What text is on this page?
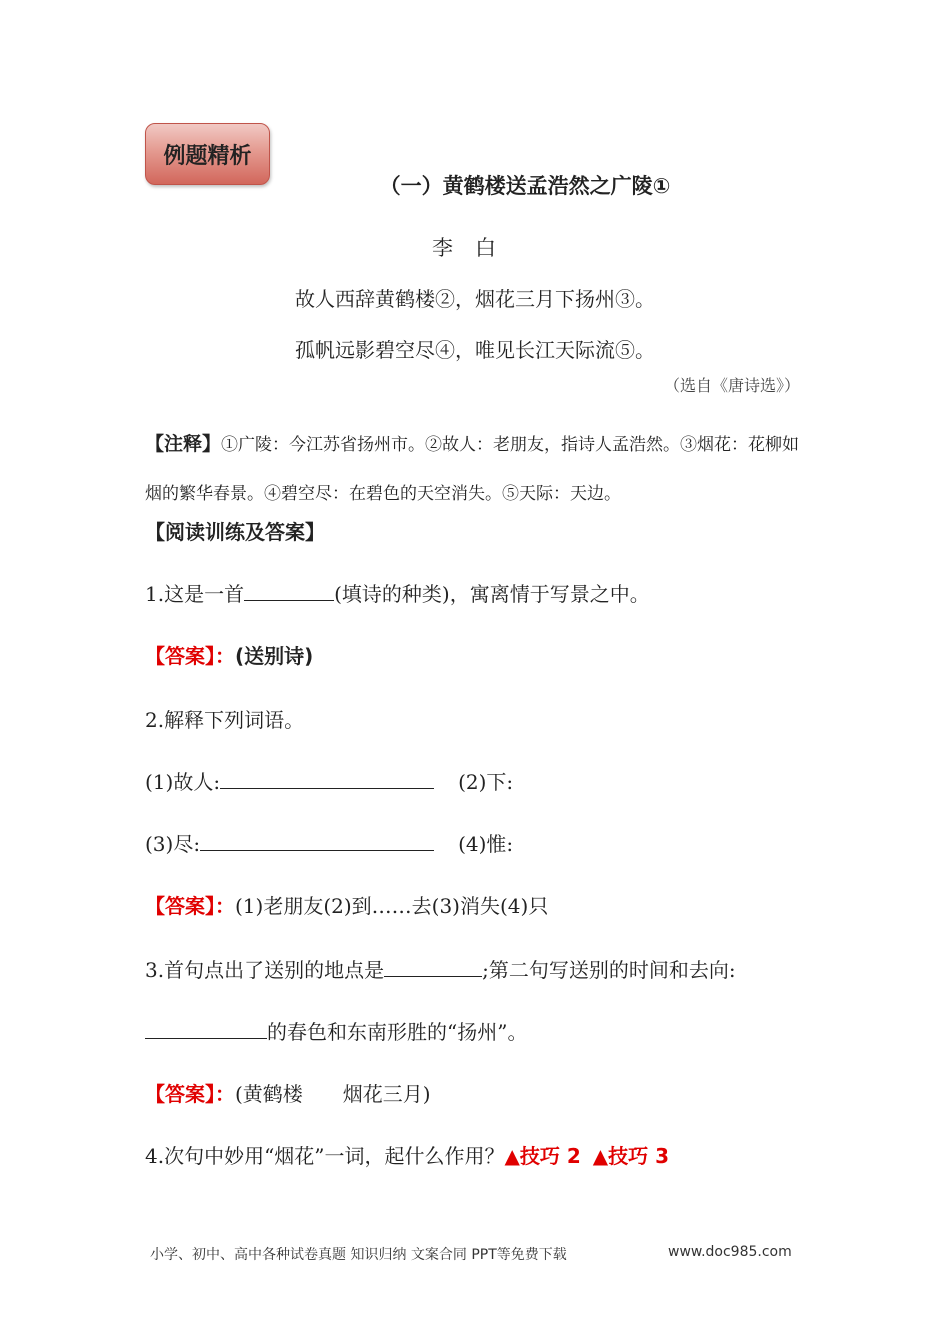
例题精析
（一）黄鹤楼送孟浩然之广陵①
李白
故人西辞黄鹤楼②，烟花三月下扬州③。
孤帆远影碧空尽④，唯见长江天际流⑤。
（选自《唐诗选》）
【注释】①广陵：今江苏省扬州市。②故人：老朋友，指诗人孟浩然。③烟花：花柳如烟的繁华春景。④碧空尽：在碧色的天空消失。⑤天际：天边。
【阅读训练及答案】
1.这是一首	(填诗的种类)，寓离情于写景之中。
【答案】：(送别诗)
2.解释下列词语。
(1)故人:	(2)下:
(3)尽:	(4)惟:
【答案】：(1)老朋友(2)到……去(3)消失(4)只
3.首句点出了送别的地点是	;第二句写送别的时间和去向:
的春色和东南形胜的“扬州”。
【答案】：(黄鹤楼　　烟花三月)
4.次句中妙用“烟花”一词，起什么作用？▲技巧 2 ▲技巧 3
小学、初中、高中各种试卷真题 知识归纳 文案合同 PPT等免费下载	www.doc985.com
